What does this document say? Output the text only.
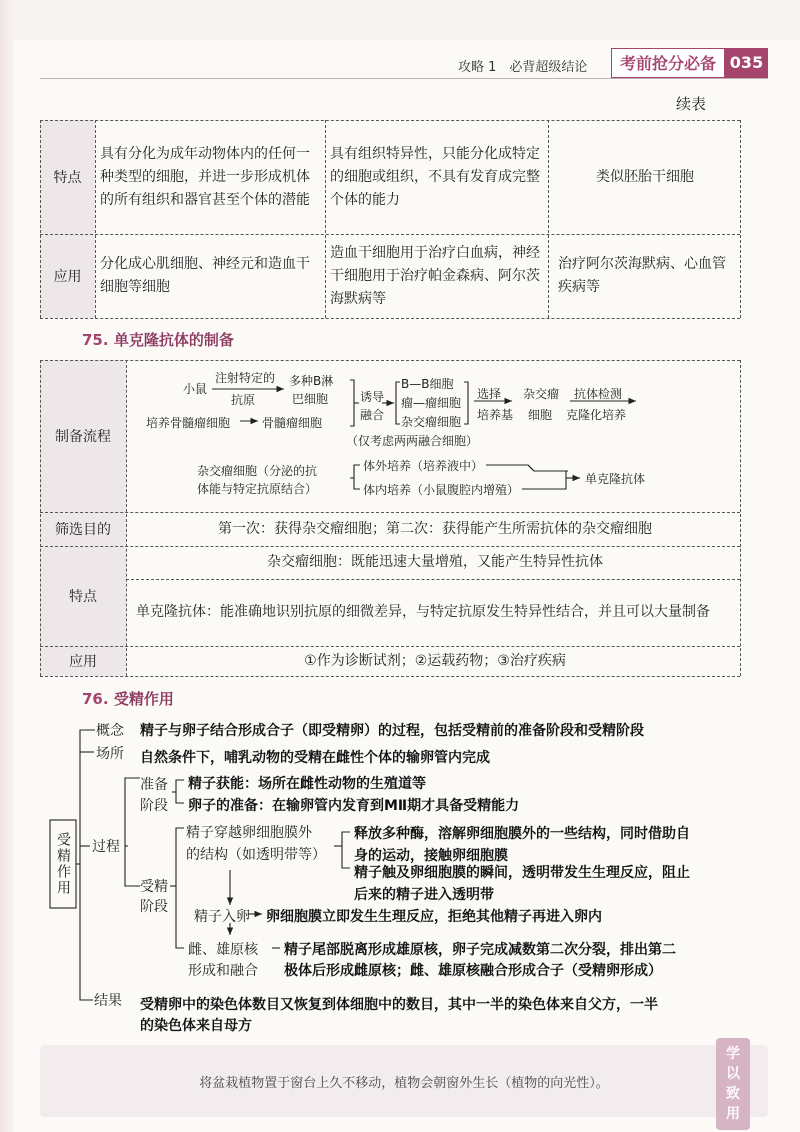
攻略 1　必背超级结论	考前抢分必备 035
续表
特点
应用
具有分化为成年动物体内的任何一种类型的细胞，并进一步形成机体的所有组织和器官甚至个体的潜能
具有组织特异性，只能分化成特定的细胞或组织，不具有发育成完整个体的能力
类似胚胎干细胞
分化成心肌细胞、神经元和造血干细胞等细胞
造血干细胞用于治疗白血病，神经干细胞用于治疗帕金森病、阿尔茨海默病等
治疗阿尔茨海默病、心血管疾病等
75. 单克隆抗体的制备
制备流程
筛选目的
特点
应用
第一次：获得杂交瘤细胞；第二次：获得能产生所需抗体的杂交瘤细胞
杂交瘤细胞：既能迅速大量增殖，又能产生特异性抗体
单克隆抗体：能准确地识别抗原的细微差异，与特定抗原发生特异性结合，并且可以大量制备
①作为诊断试剂；②运载药物；③治疗疾病
小鼠
注射特定的
抗原
多种B淋
巴细胞
培养骨髓瘤细胞	骨髓瘤细胞
诱导
融合
B—B细胞
瘤—瘤细胞
杂交瘤细胞
选择
培养基
杂交瘤
细胞
抗体检测
克隆化培养
（仅考虑两两融合细胞）
杂交瘤细胞（分泌的抗
体能与特定抗原结合）
体外培养（培养液中）
体内培养（小鼠腹腔内增殖）
单克隆抗体
76. 受精作用
受精作用
概念 精子与卵子结合形成合子（即受精卵）的过程，包括受精前的准备阶段和受精阶段
场所 自然条件下，哺乳动物的受精在雌性个体的输卵管内完成
过程
准备
阶段
精子获能：场所在雌性动物的生殖道等
卵子的准备：在输卵管内发育到MⅡ期才具备受精能力
受精
阶段
精子穿越卵细胞膜外
的结构（如透明带等）
释放多种酶，溶解卵细胞膜外的一些结构，同时借助自
身的运动，接触卵细胞膜
精子触及卵细胞膜的瞬间，透明带发生生理反应，阻止
后来的精子进入透明带
精子入卵 卵细胞膜立即发生生理反应，拒绝其他精子再进入卵内
雌、雄原核
形成和融合
精子尾部脱离形成雄原核，卵子完成减数第二次分裂，排出第二
极体后形成雌原核；雌、雄原核融合形成合子（受精卵形成）
结果 受精卵中的染色体数目又恢复到体细胞中的数目，其中一半的染色体来自父方，一半
的染色体来自母方
将盆栽植物置于窗台上久不移动，植物会朝窗外生长（植物的向光性）。
学
以
致
用
